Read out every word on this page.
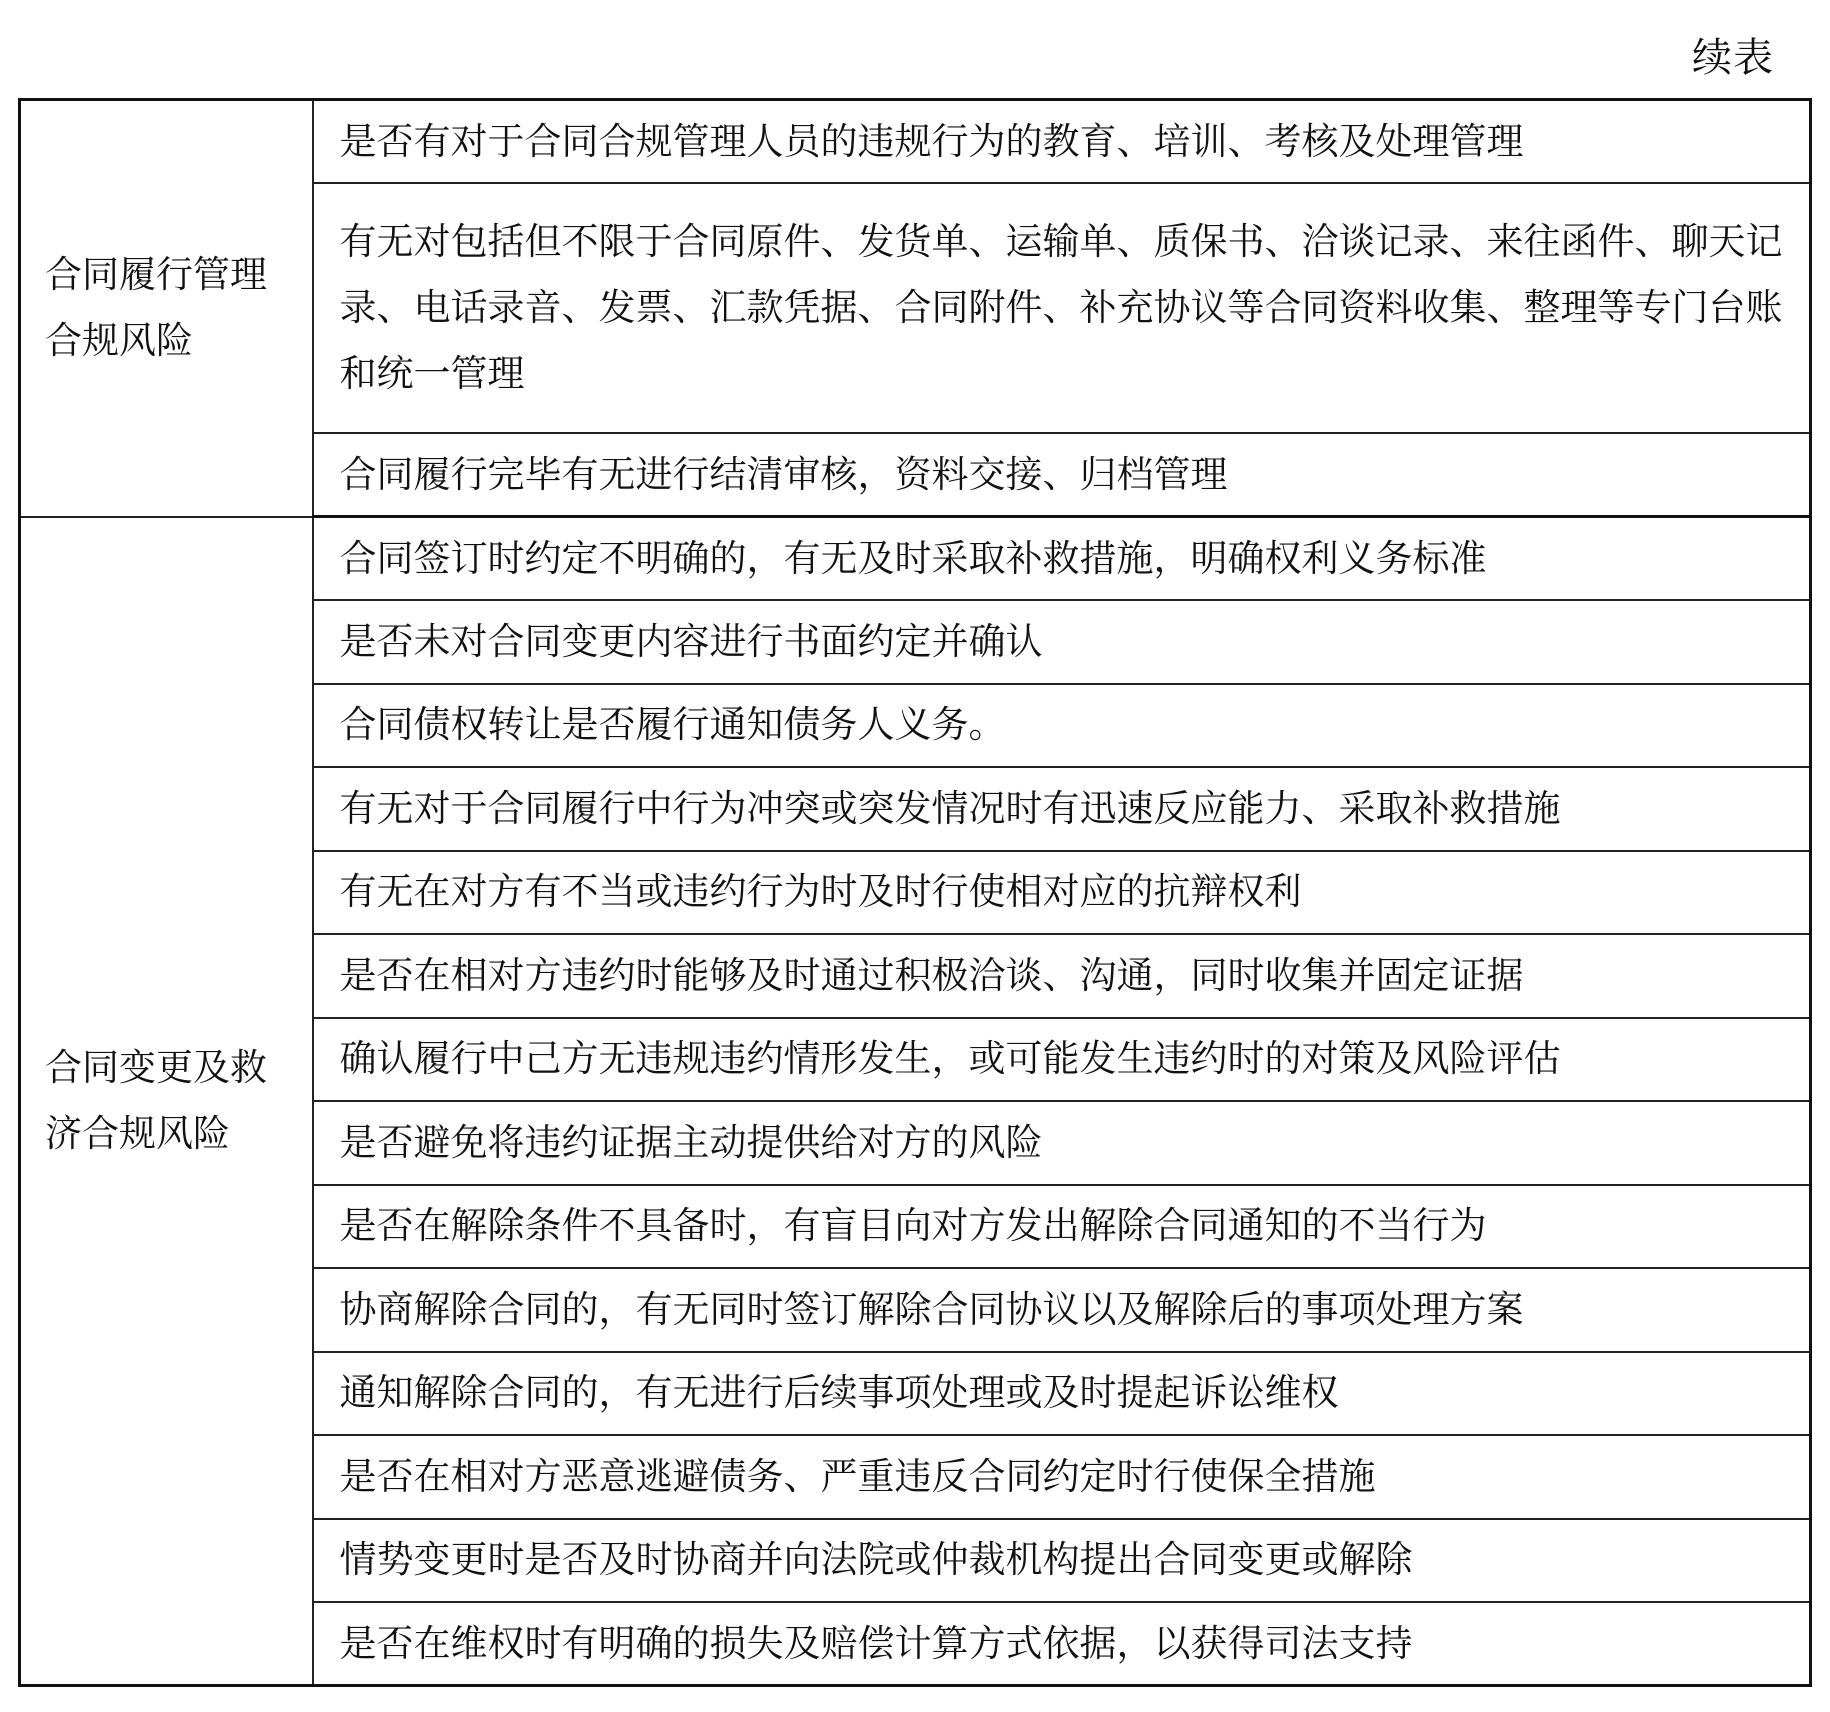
续表
合同履行管理合规风险	是否有对于合同合规管理人员的违规行为的教育、培训、考核及处理管理
	有无对包括但不限于合同原件、发货单、运输单、质保书、洽谈记录、来往函件、聊天记录、电话录音、发票、汇款凭据、合同附件、补充协议等合同资料收集、整理等专门台账和统一管理
	合同履行完毕有无进行结清审核，资料交接、归档管理
合同变更及救济合规风险	合同签订时约定不明确的，有无及时采取补救措施，明确权利义务标准
	是否未对合同变更内容进行书面约定并确认
	合同债权转让是否履行通知债务人义务。
	有无对于合同履行中行为冲突或突发情况时有迅速反应能力、采取补救措施
	有无在对方有不当或违约行为时及时行使相对应的抗辩权利
	是否在相对方违约时能够及时通过积极洽谈、沟通，同时收集并固定证据
	确认履行中己方无违规违约情形发生，或可能发生违约时的对策及风险评估
	是否避免将违约证据主动提供给对方的风险
	是否在解除条件不具备时，有盲目向对方发出解除合同通知的不当行为
	协商解除合同的，有无同时签订解除合同协议以及解除后的事项处理方案
	通知解除合同的，有无进行后续事项处理或及时提起诉讼维权
	是否在相对方恶意逃避债务、严重违反合同约定时行使保全措施
	情势变更时是否及时协商并向法院或仲裁机构提出合同变更或解除
	是否在维权时有明确的损失及赔偿计算方式依据，以获得司法支持
